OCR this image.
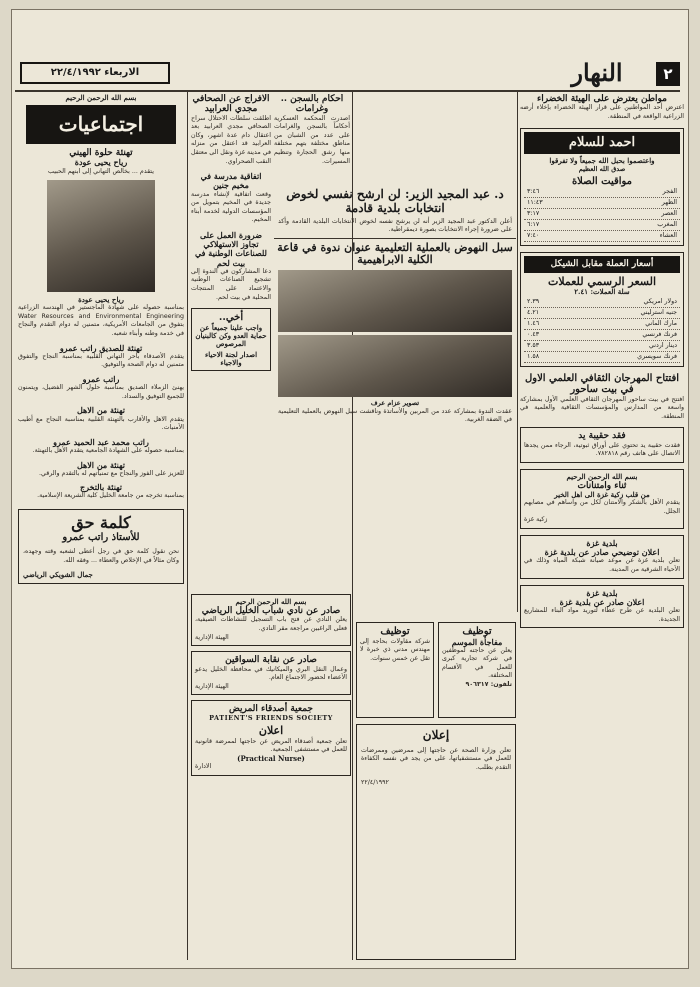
٢
النهار
الاربعاء ٢٢/٤/١٩٩٢
بسم الله الرحمن الرحيم
اجتماعيات
تهنئة حلوة الهيني
رياح يحيى عودة
يتقدم ... بخالص التهاني إلى ابنهم الحبيب
رياح يحيى عودة
بمناسبة حصوله على شهادة الماجستير في الهندسة الزراعية Water Resources and Environmental Engineering بتفوق من الجامعات الأمريكية، متمنين له دوام التقدم والنجاح في خدمة وطنه وأبناء شعبه.
تهنئة للصديق راتب عمرو
يتقدم الأصدقاء بأحر التهاني القلبية بمناسبة النجاح والتفوق متمنين له دوام الصحة والتوفيق.
راتب عمرو
يهنئ الزملاء الصديق بمناسبة حلول الشهر الفضيل، ويتمنون للجميع التوفيق والسداد.
تهنئة من الاهل
يتقدم الاهل والأقارب بالتهنئة القلبية بمناسبة النجاح مع أطيب الأمنيات.
راتب محمد عبد الحميد عمرو
بمناسبة حصوله على الشهادة الجامعية يتقدم الأهل بالتهنئة.
تهنئة من الاهل
للعزيز على الفوز والنجاح مع تمنياتهم له بالتقدم والرقي.
تهنئة بالتخرج
بمناسبة تخرجه من جامعة الخليل كلية الشريعة الإسلامية.
كلمة حق
للأستاذ راتب عمرو
نحن نقول كلمة حق في رجل أعطى لشعبه وقته وجهده، وكان مثالاً في الإخلاص والعطاء ... وفقه الله.
جمال الشويكي الرياضي
الافراج عن الصحافي مجدي العرابيد
اطلقت سلطات الاحتلال سراح الصحافي مجدي العرابيد بعد اعتقال دام عدة اشهر، وكان العرابيد قد اعتقل من منزله في مدينة غزة ونقل الى معتقل النقب الصحراوي.
اتفاقية مدرسة في مخيم جنين
وقعت اتفاقية لإنشاء مدرسة جديدة في المخيم بتمويل من المؤسسات الدولية لخدمة أبناء المخيم.
ضرورة العمل على تجاوز الاستهلاكي للصناعات الوطنية في بيت لحم
دعا المشاركون في الندوة إلى تشجيع الصناعات الوطنية والاعتماد على المنتجات المحلية في بيت لحم.
أخي..
واجب علينا جميعاً عن حماية العدو وكن كالبنيان المرصوص
اصدار لجنة الاحياء والاجياء
أحكام بالسجن .. وغرامات
اصدرت المحكمة العسكرية أحكاماً بالسجن والغرامات على عدد من الشبان من مناطق مختلفة بتهم مختلفة منها رشق الحجارة وتنظيم المسيرات.
د. عبد المجيد الزير: لن ارشح نفسي لخوض انتخابات بلدية قادمة
أعلن الدكتور عبد المجيد الزير أنه لن يرشح نفسه لخوض الانتخابات البلدية القادمة وأكد على ضرورة إجراء الانتخابات بصورة ديمقراطية.
سبل النهوض بالعملية التعليمية عنوان ندوة في قاعة الكلية الابراهيمية
تصوير عزام عرف
عقدت الندوة بمشاركة عدد من المربين والأساتذة وناقشت سبل النهوض بالعملية التعليمية في الضفة الغربية.
توظيف
مفاجأة الموسم
يعلن عن حاجته لموظفين في شركة تجارية كبرى للعمل في الأقسام المختلفة.
تلفون: ٩٠٦٣١٧
توظيف
شركة مقاولات بحاجة إلى مهندس مدني ذي خبرة لا تقل عن خمس سنوات.
إعلان
تعلن وزارة الصحة عن حاجتها إلى ممرضين وممرضات للعمل في مستشفياتها، على من يجد في نفسه الكفاءة التقدم بطلب.
٢٢/٤/١٩٩٢
بسم الله الرحمن الرحيم
صادر عن نادي شباب الخليل الرياضي
يعلن النادي عن فتح باب التسجيل للنشاطات الصيفية، فعلى الراغبين مراجعة مقر النادي.
الهيئة الإدارية
صادر عن نقابة السواقين
وعمال النقل البري والميكانيك في محافظة الخليل يدعو الأعضاء لحضور الاجتماع العام.
الهيئة الإدارية
جمعية أصدقاء المريض
PATIENT'S FRIENDS SOCIETY
اعلان
تعلن جمعية أصدقاء المريض عن حاجتها لممرضة قانونية للعمل في مستشفى الجمعية.
(Practical Nurse)
الادارة
مواطن يعترض على الهيئة الخضراء
اعترض أحد المواطنين على قرار الهيئة الخضراء بإخلاء أرضه الزراعية الواقعة في المنطقة.
احمد للسلام
واعتصموا بحبل الله جميعاً ولا تفرقوا
صدق الله العظيم
مواقيت الصلاة
الفجر
٣:٤٦
الظهر
١١:٤٣
العصر
٣:١٧
المغرب
٦:١٧
العشاء
٧:٤٠
أسعار العملة مقابل الشيكل
السعر الرسمي للعملات
سلة العملات: ٢.٤١
دولار امريكي
٢.٣٩
جنيه استرليني
٤.٢١
مارك الماني
١.٤٦
فرنك فرنسي
٠.٤٣
دينار اردني
٣.٥٣
فرنك سويسري
١.٥٨
افتتاح المهرجان الثقافي العلمي الاول في بيت ساحور
افتتح في بيت ساحور المهرجان الثقافي العلمي الأول بمشاركة واسعة من المدارس والمؤسسات الثقافية والعلمية في المنطقة.
فقد حقيبة يد
فقدت حقيبة يد تحتوي على أوراق ثبوتية، الرجاء ممن يجدها الاتصال على هاتف رقم ٧٨٢٨١٨.
بسم الله الرحمن الرحيم
ثناء وامتنانات
من قلب زكية غزة الى اهل الخير
يتقدم الأهل بالشكر والامتنان لكل من واساهم في مصابهم الجلل.
زكية غزة
بلدية غزة
اعلان توضيحي صادر عن بلدية غزة
تعلن بلدية غزة عن موعد صيانة شبكة المياه وذلك في الأحياء الشرقية من المدينة.
بلدية غزة
اعلان صادر عن بلدية غزة
تعلن البلدية عن طرح عطاء لتوريد مواد البناء للمشاريع الجديدة.
